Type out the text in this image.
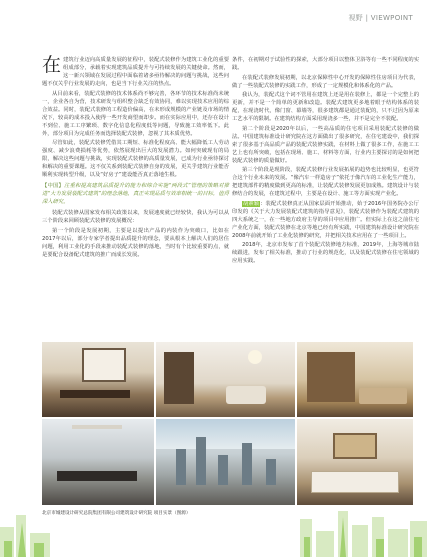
视野 | VIEWPOINT

在建筑行业迈向高质量发展的征程中，装配式装修作为建筑工业化的重要组成部分，承载着实现建筑品质提升与可持续发展的关键使命。然而，这一新兴领域在发展过程中面临着诸多亟待解决的问题与挑战，这些问题不仅关乎行业发展的走向，也是当下行业关注的热点。

从目前来看，装配式装修的技术体系尚不够完善，各环节的技术标准尚未统一，企业各自为营，技术研发与组织整合缺乏有效协同，难以实现技术应用的综合效益。同时，装配式装修的工程造价偏高，在未形成规模的产业链及市场的情况下，较高的成本投入使得一些开发商望而却步。而在实际应用中，还存在设计不到位、施工工序繁琐、数字化信息化程度低等问题，导致施工效率低下。此外，部分项目为完成任务而选择装配式装修，忽视了其本质优势。

尽管如此，装配式装修凭借其工期短、标准化程度高、能大幅降低工人劳动强度、减少浪费损耗等优势，依然展现出巨大的发展潜力。如何突破现有的局限，解决这些问题与挑战，实现装配式装修的高质量发展，已成为行业亟待探讨和解决的重要课题。这不仅关系到装配式装修自身的发展，更关乎建筑行业能否顺利实现转型升级，以及“好房子”建设能否真正落地生根。

【中国】注重和提高建筑品质提升的能力和综合实施“两段式”管理的策略对推进“大力发展装配式建筑”的理念落地，真正实现品质与效率相统一的目标，值得深入研究。

装配式装修从国家发布相关政策以来，发展速度就已经较快，我认为可以从三个阶段来回顾装配式装修的发展概况：

第一个阶段是发展初期，主要是以提出产品的内装作为突破口，比如在2017年以后，部分专家学者提出品质提升的理念，要从根本上解决人们的居住问题，利用工业化的手段来推动装配式装修的落地，当时有个比较重要的点，就是要配合设备配式建筑的推广而成长发展。

条件，在初期对于试验性的探索，大部分项目以整体卫浴等有一些不同程度的实践。

在装配式装修发展初期，以北京保障性中心开发的保障性住房项目为代表，做了一些装配式装修的实践工作，形成了一定规模化和体系化的产品。

我认为，装配式这个词不管用在建筑上还是用在装修上，都是一个完整上的更新，并不是一个简单的更新和改造。装配式建筑更多地着眼于结构体系的装配，在现浇时代，像门窗、幕墙等，很多建筑都是通过装配的，只不过因为原来工艺水平的限制。在建筑结构方面采用现浇多一些，并不是完全不装配。

第二个阶段是2020年以后，一些高品质的住宅项目采用装配式装修的做法。中国建筑标准设计研究院在这方面做出了很多研究，在住宅建设中，我们探索了很多基于高品质产品的装配式装修实践，在材料上做了很多工作，在施工工艺上也有所突破，包括在现场、施工、材料等方面，行业内主要探讨的是如何把装配式装修的质量做好。

第三个阶段是现阶段，装配式装修行业发展拓展的趋势也比较明显，也更符合这个行业未来的发展。“像汽车一样造房子”依托于像汽车的工业化生产能力，把建筑部件的精度做到更高的标准，让装配式装修发展更加成熟。建筑设计与装修结合的发展，在建筑过程中，主要是在设计、施工等方面实现产业化。

胡素颖：装配式装修真正从国家层面开始推动，始于2016年国务院办公厅印发的《关于大力发展装配式建筑的指导意见》，装配式装修作为装配式建筑的四大系统之一，在一些地方政府主导的项目中应用推广。但实际上在这之前住宅产业化方面，装配式装修在北京等地已经有所实践，中国建筑标准设计研究院在2008年前就开始了工业化装修的研究，并把相关技术应用在了一些项目上。

2018年，北京市发布了首个装配式装修地方标准，2019年，上海等城市陆续跟进，发布了相关标准，推动了行业的规范化，以及装配式装修在住宅领域的应用实践。

北京市城建设计研究总院集团有限公司建筑设计研究院 项目实景（图源）
